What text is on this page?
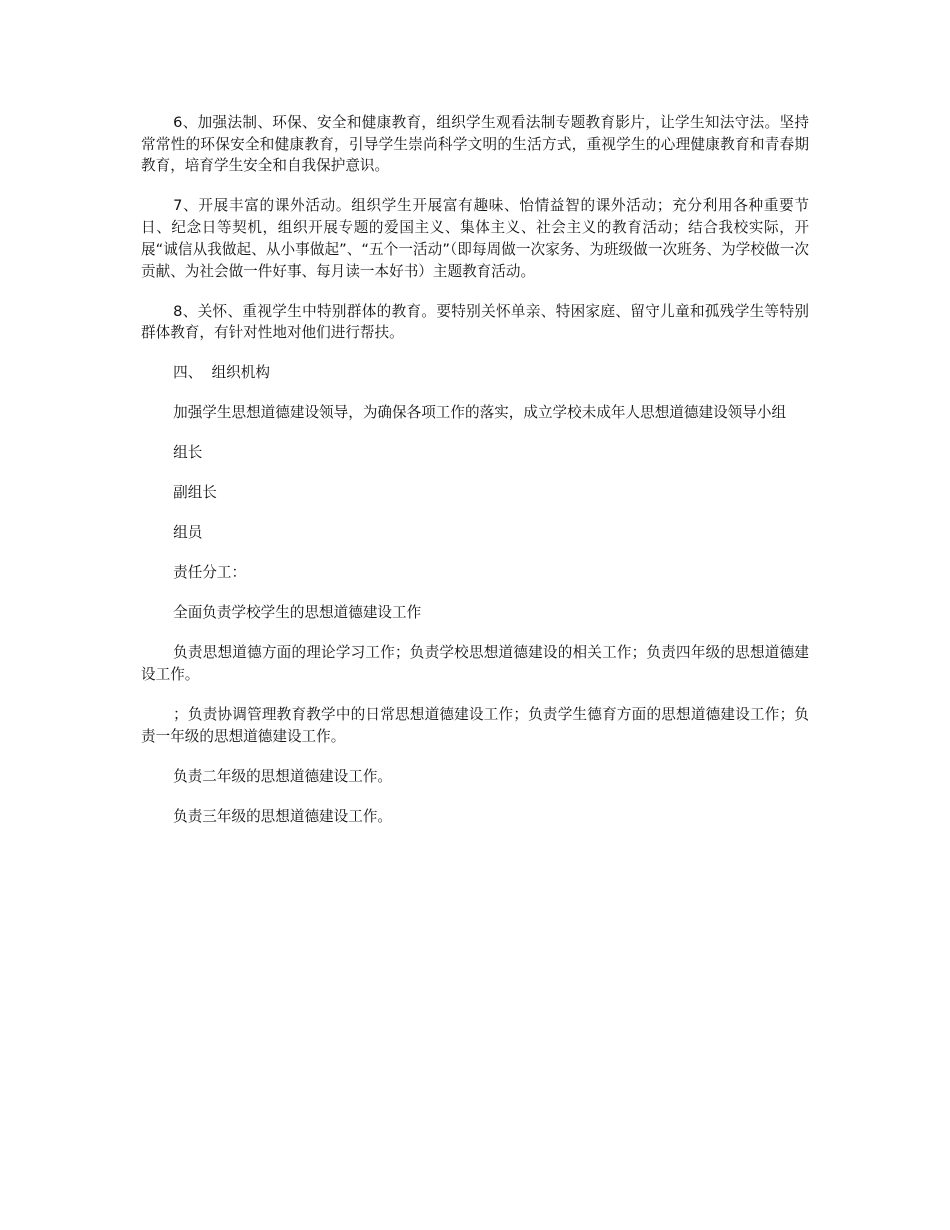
6、加强法制、环保、安全和健康教育，组织学生观看法制专题教育影片，让学生知法守法。坚持常常性的环保安全和健康教育，引导学生崇尚科学文明的生活方式，重视学生的心理健康教育和青春期教育，培育学生安全和自我保护意识。

7、开展丰富的课外活动。组织学生开展富有趣味、怡情益智的课外活动；充分利用各种重要节日、纪念日等契机，组织开展专题的爱国主义、集体主义、社会主义的教育活动；结合我校实际，开展“诚信从我做起、从小事做起”、“五个一活动”（即每周做一次家务、为班级做一次班务、为学校做一次贡献、为社会做一件好事、每月读一本好书）主题教育活动。

8、关怀、重视学生中特别群体的教育。要特别关怀单亲、特困家庭、留守儿童和孤残学生等特别群体教育，有针对性地对他们进行帮扶。

四、  组织机构

加强学生思想道德建设领导，为确保各项工作的落实，成立学校未成年人思想道德建设领导小组

组长

副组长

组员

责任分工：

全面负责学校学生的思想道德建设工作

负责思想道德方面的理论学习工作；负责学校思想道德建设的相关工作；负责四年级的思想道德建设工作。

；负责协调管理教育教学中的日常思想道德建设工作；负责学生德育方面的思想道德建设工作；负责一年级的思想道德建设工作。

负责二年级的思想道德建设工作。

负责三年级的思想道德建设工作。
